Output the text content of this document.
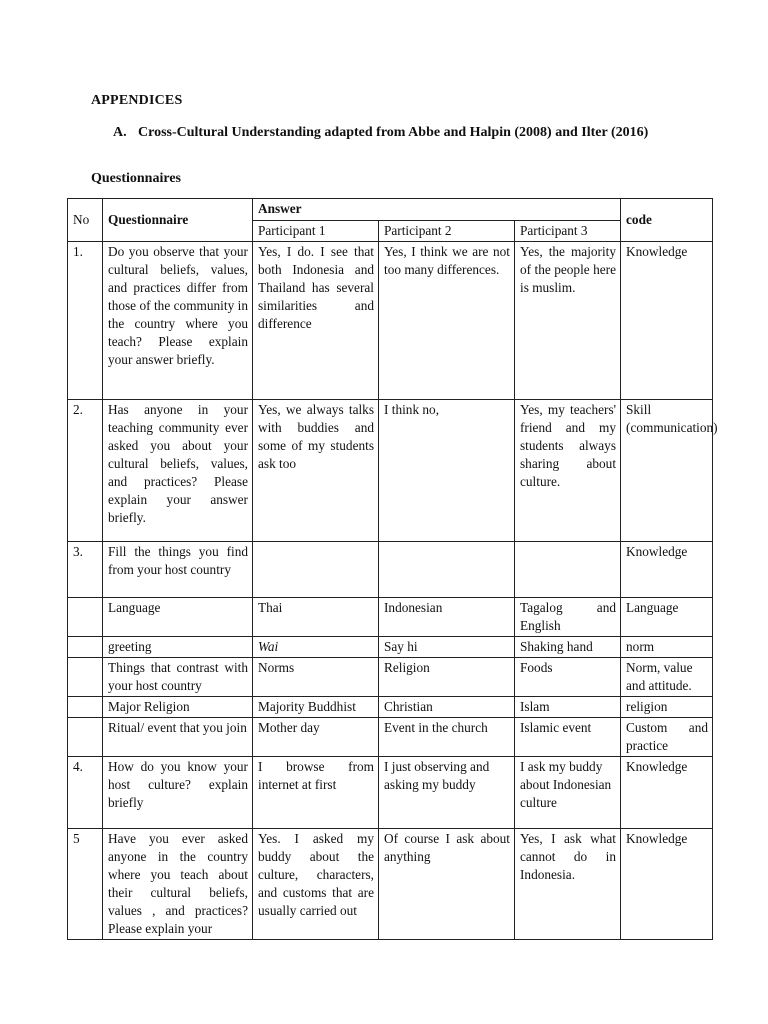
APPENDICES
A. Cross-Cultural Understanding adapted from Abbe and Halpin (2008) and Ilter (2016)
Questionnaires
No	Questionnaire	Answer			code
		Participant 1	Participant 2	Participant 3	
1.	Do you observe that your cultural beliefs, values, and practices differ from those of the community in the country where you teach? Please explain your answer briefly.	Yes, I do. I see that both Indonesia and Thailand has several similarities and difference	Yes, I think we are not too many differences.	Yes, the majority of the people here is muslim.	Knowledge
2.	Has anyone in your teaching community ever asked you about your cultural beliefs, values, and practices? Please explain your answer briefly.	Yes, we always talks with buddies and some of my students ask too	I think no,	Yes, my teachers' friend and my students always sharing about culture.	Skill (communication)
3.	Fill the things you find from your host country				Knowledge
	Language	Thai	Indonesian	Tagalog and English	Language
	greeting	Wai	Say hi	Shaking hand	norm
	Things that contrast with your host country	Norms	Religion	Foods	Norm, value and attitude.
	Major Religion	Majority Buddhist	Christian	Islam	religion
	Ritual/ event that you join	Mother day	Event in the church	Islamic event	Custom and practice
4.	How do you know your host culture? explain briefly	I browse from internet at first	I just observing and asking my buddy	I ask my buddy about Indonesian culture	Knowledge
5	Have you ever asked anyone in the country where you teach about their cultural beliefs, values , and practices? Please explain your	Yes. I asked my buddy about the culture, characters, and customs that are usually carried out	Of course I ask about anything	Yes, I ask what cannot do in Indonesia.	Knowledge
